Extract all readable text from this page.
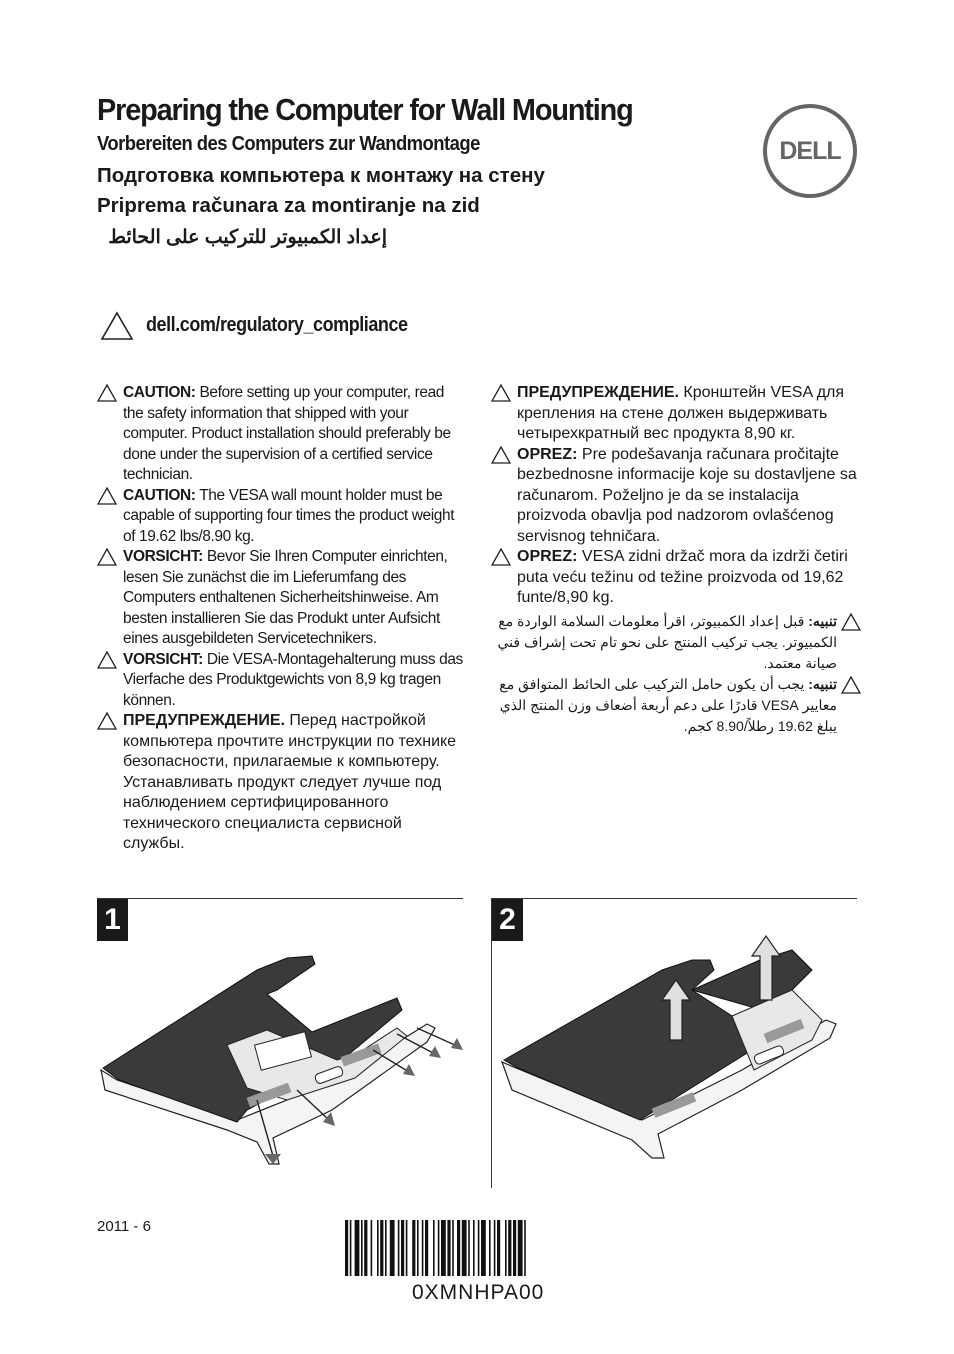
Preparing the Computer for Wall Mounting
Vorbereiten des Computers zur Wandmontage
Подготовка компьютера к монтажу на стену
Priprema računara za montiranje na zid
إعداد الكمبيوتر للتركيب على الحائط
DELL
dell.com/regulatory_compliance

CAUTION: Before setting up your computer, read the safety information that shipped with your computer. Product installation should preferably be done under the supervision of a certified service technician.

CAUTION: The VESA wall mount holder must be capable of supporting four times the product weight of 19.62 lbs/8.90 kg.

VORSICHT: Bevor Sie Ihren Computer einrichten, lesen Sie zunächst die im Lieferumfang des Computers enthaltenen Sicherheitshinweise. Am besten installieren Sie das Produkt unter Aufsicht eines ausgebildeten Servicetechnikers.

VORSICHT: Die VESA-Montagehalterung muss das Vierfache des Produktgewichts von 8,9 kg tragen können.

ПРЕДУПРЕЖДЕНИЕ. Перед настройкой компьютера прочтите инструкции по технике безопасности, прилагаемые к компьютеру. Устанавливать продукт следует лучше под наблюдением сертифицированного технического специалиста сервисной службы.

ПРЕДУПРЕЖДЕНИЕ. Кронштейн VESA для крепления на стене должен выдерживать четырехкратный вес продукта 8,90 кг.

OPREZ: Pre podešavanja računara pročitajte bezbednosne informacije koje su dostavljene sa računarom. Poželjno je da se instalacija proizvoda obavlja pod nadzorom ovlašćenog servisnog tehničara.

OPREZ: VESA zidni držač mora da izdrži četiri puta veću težinu od težine proizvoda od 19,62 funte/8,90 kg.

تنبيه: قبل إعداد الكمبيوتر، اقرأ معلومات السلامة الواردة مع الكمبيوتر. يجب تركيب المنتج على نحو تام تحت إشراف فني صيانة معتمد.

تنبيه: يجب أن يكون حامل التركيب على الحائط المتوافق مع معايير VESA قادرًا على دعم أربعة أضعاف وزن المنتج الذي يبلغ 19.62 رطلاً/8.90 كجم.

1	2
2011 - 6
0XMNHPA00
